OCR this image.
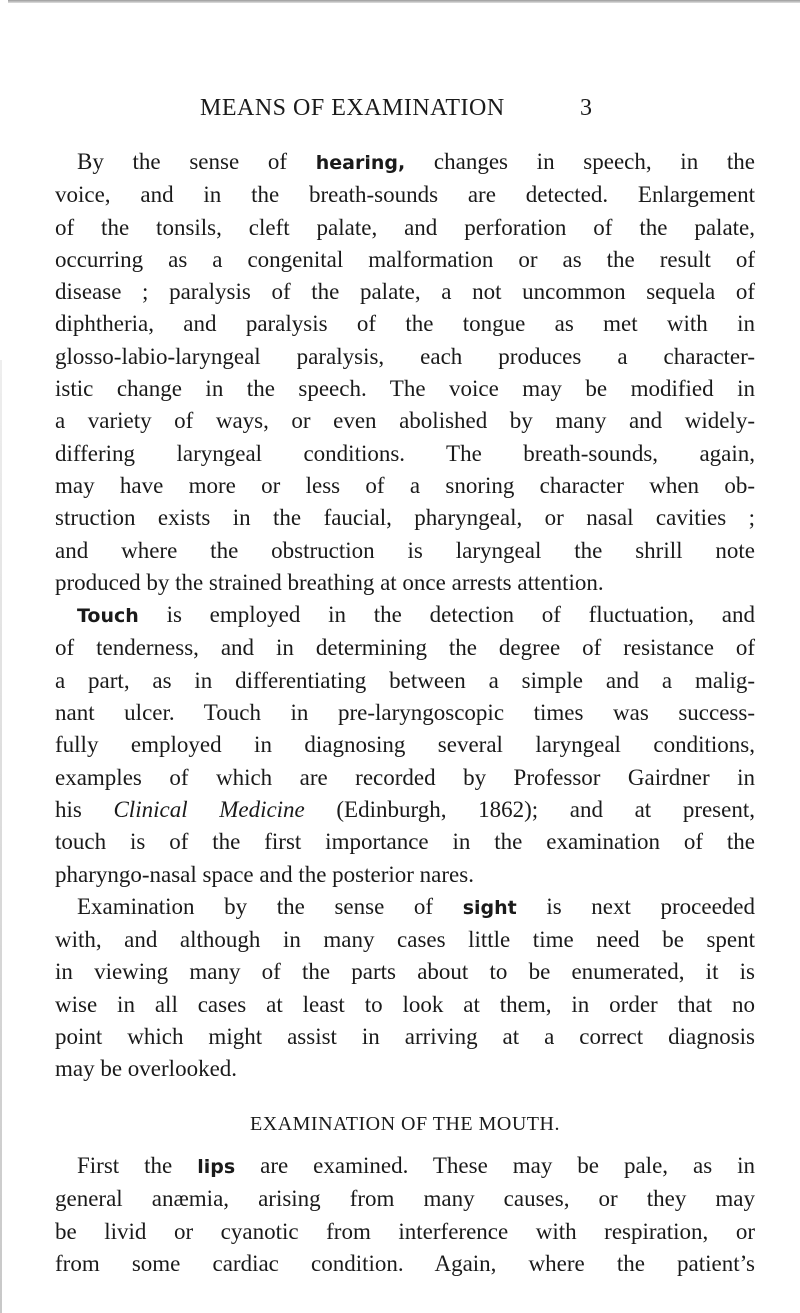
MEANS OF EXAMINATION	3
By the sense of hearing, changes in speech, in the
voice, and in the breath-sounds are detected. Enlargement
of the tonsils, cleft palate, and perforation of the palate,
occurring as a congenital malformation or as the result of
disease ; paralysis of the palate, a not uncommon sequela of
diphtheria, and paralysis of the tongue as met with in
glosso-labio-laryngeal paralysis, each produces a character-
istic change in the speech. The voice may be modified in
a variety of ways, or even abolished by many and widely-
differing laryngeal conditions. The breath-sounds, again,
may have more or less of a snoring character when ob-
struction exists in the faucial, pharyngeal, or nasal cavities ;
and where the obstruction is laryngeal the shrill note
produced by the strained breathing at once arrests attention.
Touch is employed in the detection of fluctuation, and
of tenderness, and in determining the degree of resistance of
a part, as in differentiating between a simple and a malig-
nant ulcer. Touch in pre-laryngoscopic times was success-
fully employed in diagnosing several laryngeal conditions,
examples of which are recorded by Professor Gairdner in
his Clinical Medicine (Edinburgh, 1862); and at present,
touch is of the first importance in the examination of the
pharyngo-nasal space and the posterior nares.
Examination by the sense of sight is next proceeded
with, and although in many cases little time need be spent
in viewing many of the parts about to be enumerated, it is
wise in all cases at least to look at them, in order that no
point which might assist in arriving at a correct diagnosis
may be overlooked.
EXAMINATION OF THE MOUTH.
First the lips are examined. These may be pale, as in
general anæmia, arising from many causes, or they may
be livid or cyanotic from interference with respiration, or
from some cardiac condition. Again, where the patient’s
